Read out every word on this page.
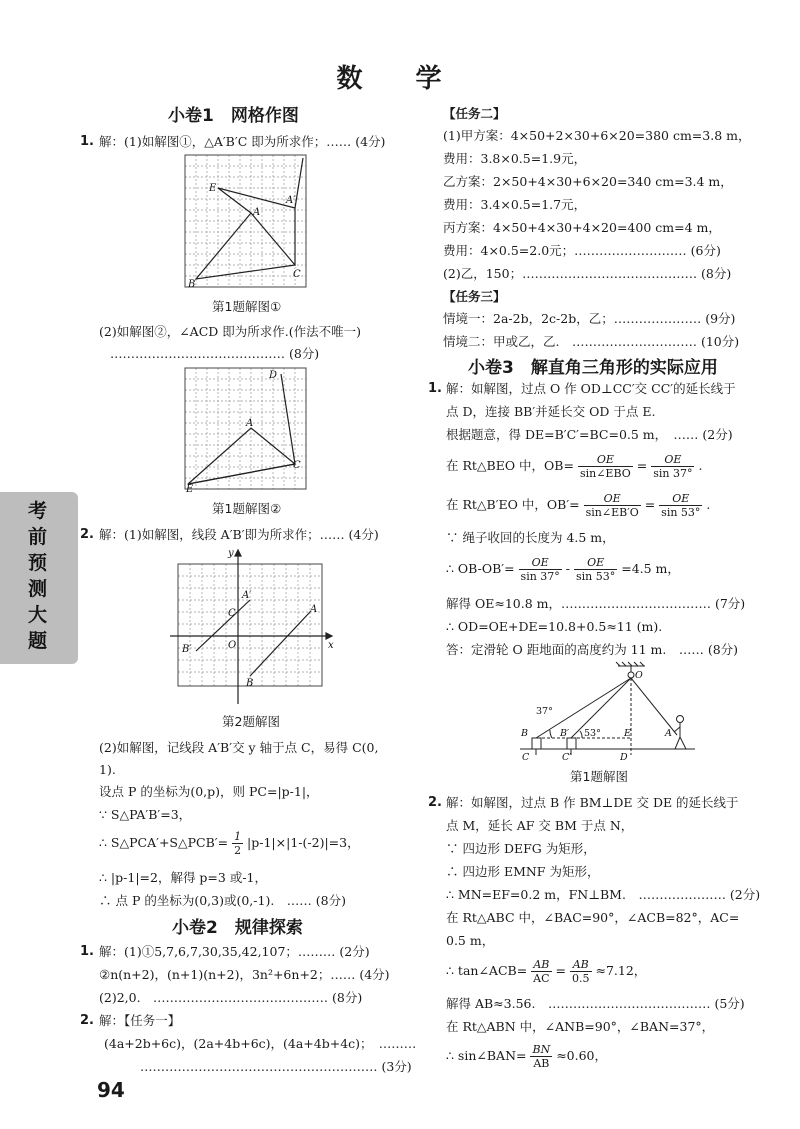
数 学
考前预测大题
小卷1　网格作图
1. 解：(1)如解图①，△A′B′C 即为所求作；…… (4分)
E
A
A′
B
C
第1题解图①
(2)如解图②，∠ACD 即为所求作.(作法不唯一)
…………………………………… (8分)
D
A
C
E
第1题解图②
2. 解：(1)如解图，线段 A′B′即为所求作；…… (4分)
y
A′
C	A
B′	O	x
B
第2题解图
(2)如解图，记线段 A′B′交 y 轴于点 C，易得 C(0,
1).
设点 P 的坐标为(0,p)，则 PC=|p-1|，
∵ S△PA′B′=3，
∴ S△PCA′+S△PCB′= $\frac{1}{2} |p-1|\times|1-(-2)|=3$，
∴ |p-1|=2，解得 p=3 或-1，
∴ 点 P 的坐标为(0,3)或(0,-1).　…… (8分)
小卷2　规律探索
1. 解：(1)①5,7,6,7,30,35,42,107；……… (2分)
②n(n+2)，(n+1)(n+2)，3n²+6n+2；…… (4分)
(2)2,0.　…………………………………… (8分)
2. 解：【任务一】
(4a+2b+6c)，(2a+4b+6c)，(4a+4b+4c)；　………
………………………………………………… (3分)
94
【任务二】
(1)甲方案：4×50+2×30+6×20=380 cm=3.8 m，
费用：3.8×0.5=1.9元，
乙方案：2×50+4×30+6×20=340 cm=3.4 m，
费用：3.4×0.5=1.7元，
丙方案：4×50+4×30+4×20=400 cm=4 m，
费用：4×0.5=2.0元；……………………… (6分)
(2)乙，150；…………………………………… (8分)
【任务三】
情境一：2a-2b，2c-2b，乙；………………… (9分)
情境二：甲或乙，乙.　………………………… (10分)
小卷3　解直角三角形的实际应用
1. 解：如解图，过点 O 作 OD⊥CC′交 CC′的延长线于
点 D，连接 BB′并延长交 OD 于点 E.
根据题意，得 DE=B′C′=BC=0.5 m，　…… (2分)
在 Rt△BEO 中，$OB= \frac{OE}{\text{sin∠EBO}} = \frac{OE}{\sin 37^\circ}$ .
在 Rt△B′EO 中，$OB'= \frac{OE}{\sin\angle EB'O} = \frac{OE}{\sin 53^\circ}$ .
∵ 绳子收回的长度为 4.5 m，
∴ $OB-OB'= \frac{OE}{\sin 37^\circ} - \frac{OE}{\sin 53^\circ} =4.5$ m，
解得 OE≈10.8 m，……………………………… (7分)
∴ OD=OE+DE=10.8+0.5≈11 (m).
答：定滑轮 O 距地面的高度约为 11 m.　…… (8分)
O
37°
B	B′ 53° E	A
C	C′	D
第1题解图
2. 解：如解图，过点 B 作 BM⊥DE 交 DE 的延长线于
点 M，延长 AF 交 BM 于点 N，
∵ 四边形 DEFG 为矩形，
∴ 四边形 EMNF 为矩形，
∴ MN=EF=0.2 m，FN⊥BM.　………………… (2分)
在 Rt△ABC 中，∠BAC=90°，∠ACB=82°，AC=
0.5 m，
∴ tan∠ACB= $\frac{AB}{AC} = \frac{AB}{0.5} \approx 7.12$，
解得 AB≈3.56.　………………………………… (5分)
在 Rt△ABN 中，∠ANB=90°，∠BAN=37°，
∴ sin∠BAN= $\frac{BN}{AB} \approx 0.60$，
